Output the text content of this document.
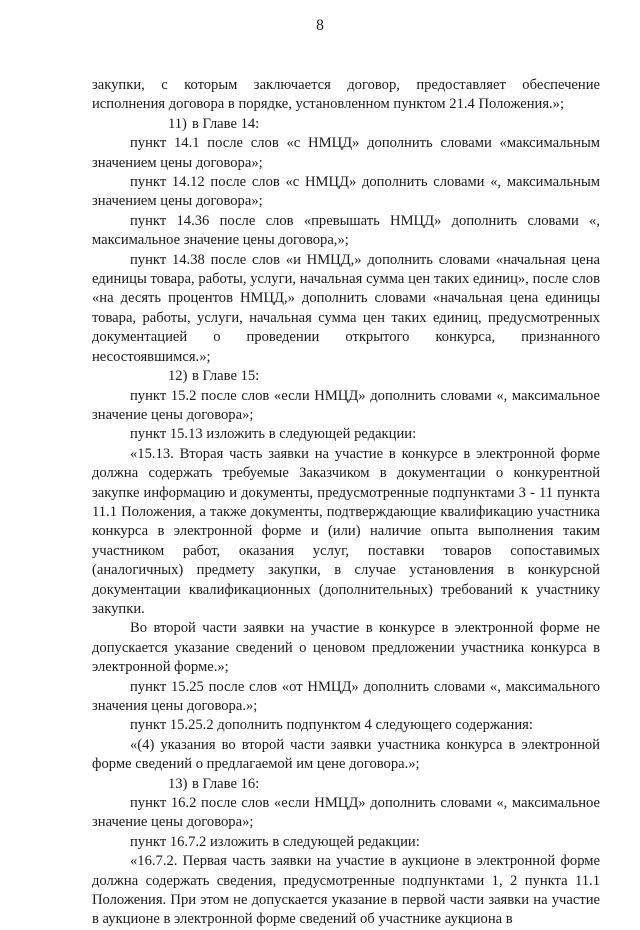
8

закупки, с которым заключается договор, предоставляет обеспечение исполнения договора в порядке, установленном пунктом 21.4 Положения.»;

11) в Главе 14:

пункт 14.1 после слов «с НМЦД» дополнить словами «максимальным значением цены договора»;

пункт 14.12 после слов «с НМЦД» дополнить словами «, максимальным значением цены договора»;

пункт 14.36 после слов «превышать НМЦД» дополнить словами «, максимальное значение цены договора,»;

пункт 14.38 после слов «и НМЦД,» дополнить словами «начальная цена единицы товара, работы, услуги, начальная сумма цен таких единиц», после слов «на десять процентов НМЦД,» дополнить словами «начальная цена единицы товара, работы, услуги, начальная сумма цен таких единиц, предусмотренных документацией о проведении открытого конкурса, признанного несостоявшимся.»;

12) в Главе 15:

пункт 15.2 после слов «если НМЦД» дополнить словами «, максимальное значение цены договора»;

пункт 15.13 изложить в следующей редакции:

«15.13. Вторая часть заявки на участие в конкурсе в электронной форме должна содержать требуемые Заказчиком в документации о конкурентной закупке информацию и документы, предусмотренные подпунктами 3 - 11 пункта 11.1 Положения, а также документы, подтверждающие квалификацию участника конкурса в электронной форме и (или) наличие опыта выполнения таким участником работ, оказания услуг, поставки товаров сопоставимых (аналогичных) предмету закупки, в случае установления в конкурсной документации квалификационных (дополнительных) требований к участнику закупки.

Во второй части заявки на участие в конкурсе в электронной форме не допускается указание сведений о ценовом предложении участника конкурса в электронной форме.»;

пункт 15.25 после слов «от НМЦД» дополнить словами «, максимального значения цены договора.»;

пункт 15.25.2 дополнить подпунктом 4 следующего содержания:

«(4) указания во второй части заявки участника конкурса в электронной форме сведений о предлагаемой им цене договора.»;

13) в Главе 16:

пункт 16.2 после слов «если НМЦД» дополнить словами «, максимальное значение цены договора»;

пункт 16.7.2 изложить в следующей редакции:

«16.7.2. Первая часть заявки на участие в аукционе в электронной форме должна содержать сведения, предусмотренные подпунктами 1, 2 пункта 11.1 Положения. При этом не допускается указание в первой части заявки на участие в аукционе в электронной форме сведений об участнике аукциона в
